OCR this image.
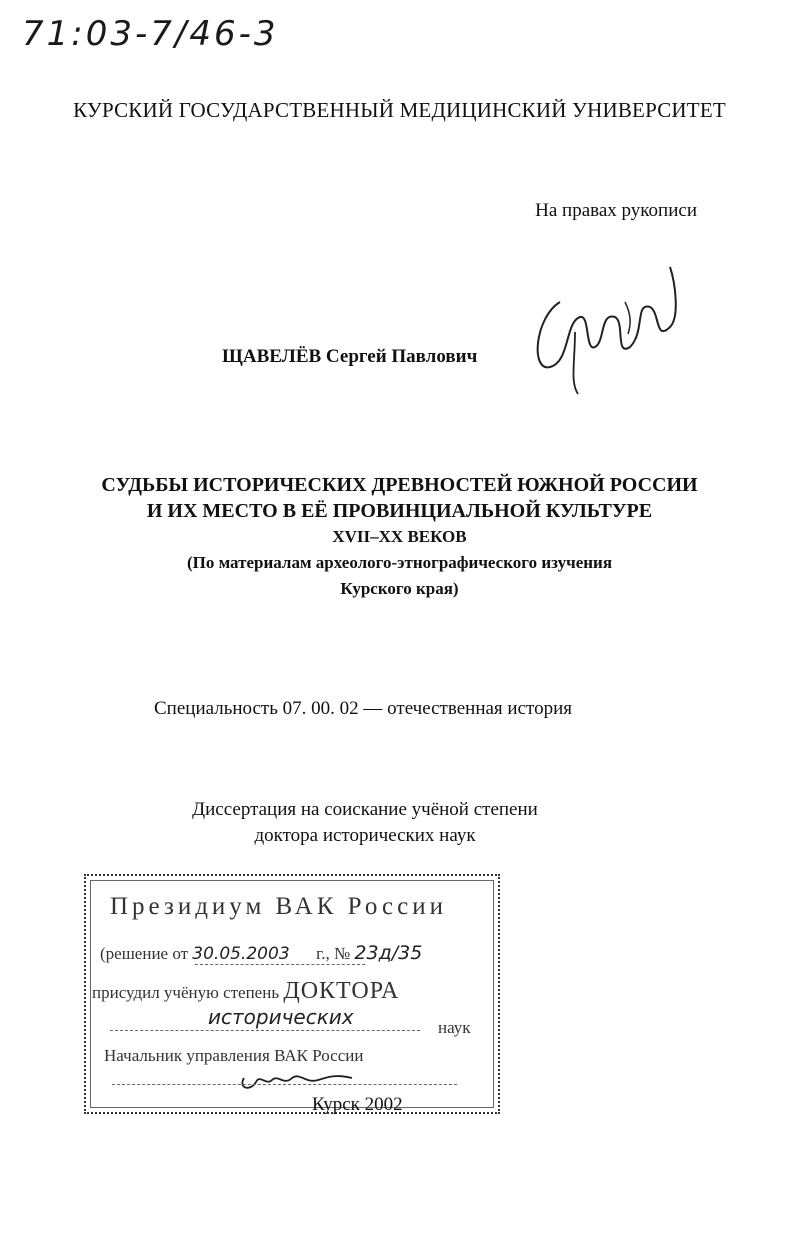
71:03-7/46-3
КУРСКИЙ ГОСУДАРСТВЕННЫЙ МЕДИЦИНСКИЙ УНИВЕРСИТЕТ
На правах рукописи
ЩАВЕЛЁВ Сергей Павлович
СУДЬБЫ ИСТОРИЧЕСКИХ ДРЕВНОСТЕЙ ЮЖНОЙ РОССИИ
И ИХ МЕСТО В ЕЁ ПРОВИНЦИАЛЬНОЙ КУЛЬТУРЕ
XVII–XX ВЕКОВ
(По материалам археолого-этнографического изучения
Курского края)
Специальность 07. 00. 02 — отечественная история
Диссертация на соискание учёной степени
доктора исторических наук
Президиум ВАК России
(решение от 30.05.2003 г., № 23д/35
присудил учёную степень ДОКТОРА
исторических	наук
Начальник управления ВАК России
Курск 2002
